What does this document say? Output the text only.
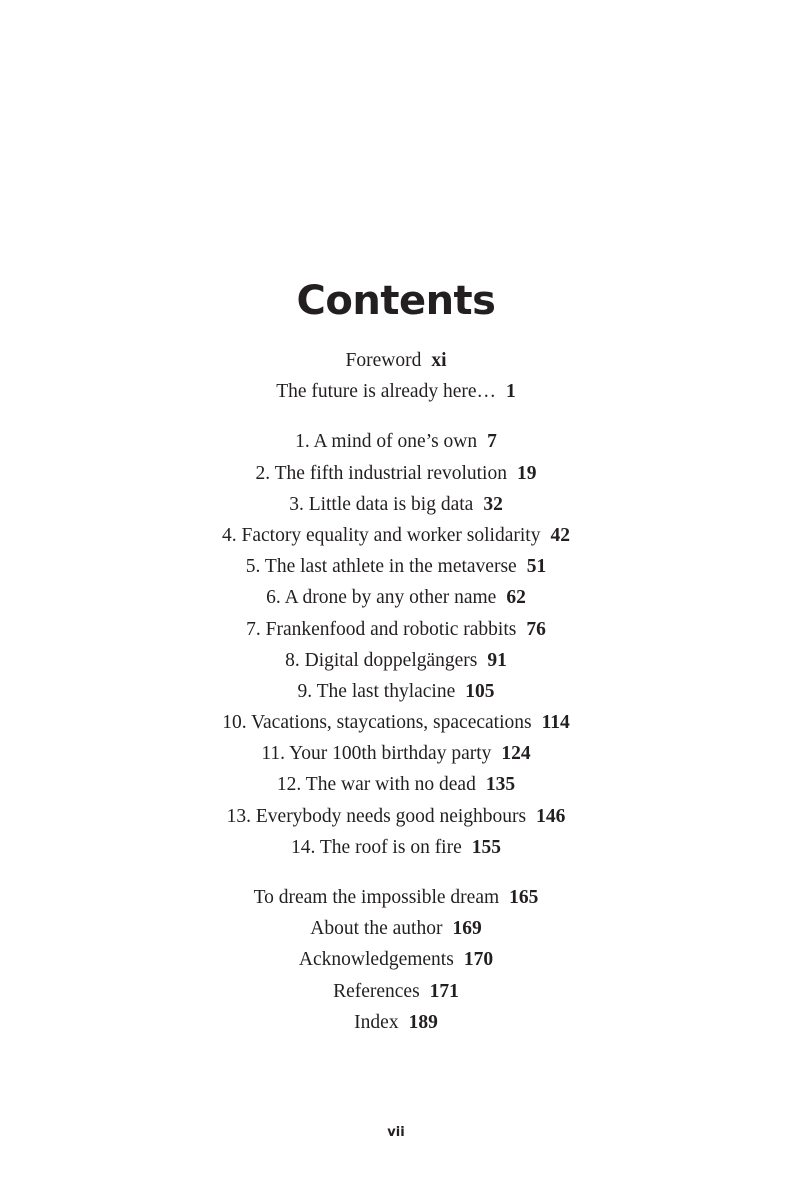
Contents
Foreword xi
The future is already here… 1
1. A mind of one’s own 7
2. The fifth industrial revolution 19
3. Little data is big data 32
4. Factory equality and worker solidarity 42
5. The last athlete in the metaverse 51
6. A drone by any other name 62
7. Frankenfood and robotic rabbits 76
8. Digital doppelgängers 91
9. The last thylacine 105
10. Vacations, staycations, spacecations 114
11. Your 100th birthday party 124
12. The war with no dead 135
13. Everybody needs good neighbours 146
14. The roof is on fire 155
To dream the impossible dream 165
About the author 169
Acknowledgements 170
References 171
Index 189
vii
